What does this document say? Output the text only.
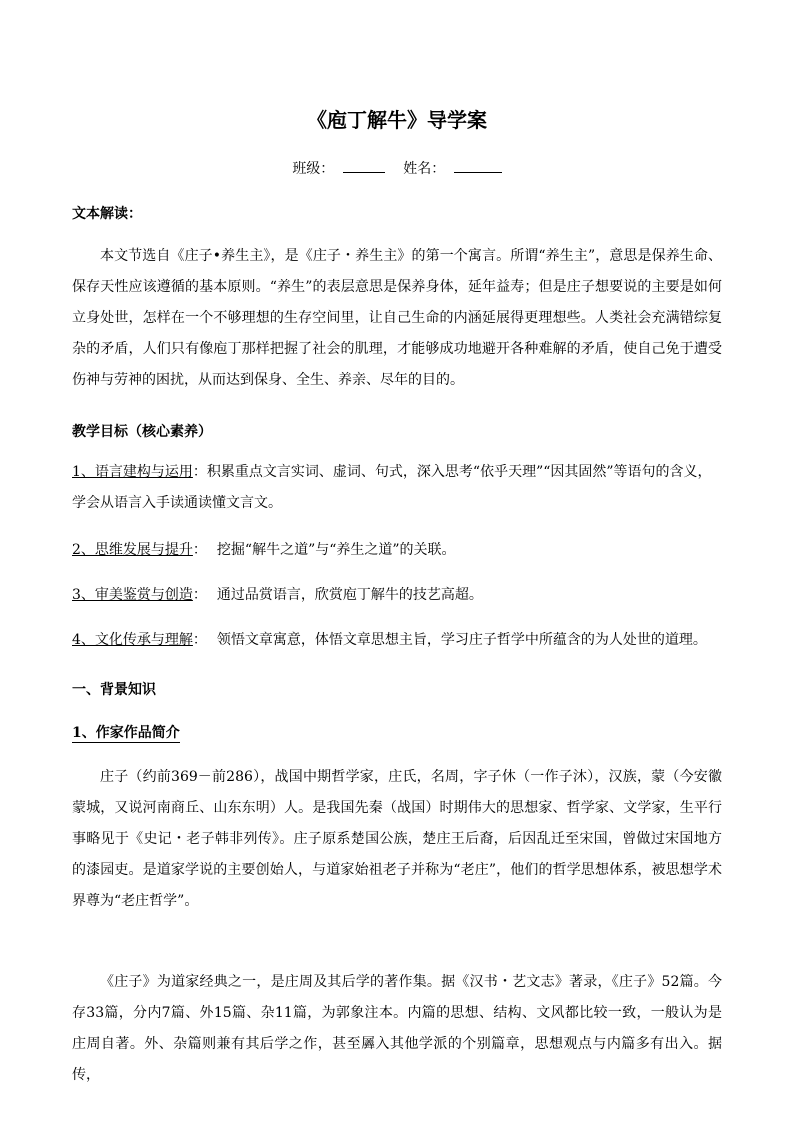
《庖丁解牛》导学案
班级：	姓名：
文本解读：

本文节选自《庄子•养生主》，是《庄子・养生主》的第一个寓言。所谓“养生主”，意思是保养生命、保存天性应该遵循的基本原则。“养生”的表层意思是保养身体，延年益寿；但是庄子想要说的主要是如何立身处世，怎样在一个不够理想的生存空间里，让自己生命的内涵延展得更理想些。人类社会充满错综复杂的矛盾，人们只有像庖丁那样把握了社会的肌理，才能够成功地避开各种难解的矛盾，使自己免于遭受伤神与劳神的困扰，从而达到保身、全生、养亲、尽年的目的。

教学目标（核心素养）

1、语言建构与运用：积累重点文言实词、虚词、句式，深入思考“依乎天理”“因其固然”等语句的含义，学会从语言入手读通读懂文言文。

2、思维发展与提升： 挖掘“解牛之道”与“养生之道”的关联。

3、审美鉴赏与创造： 通过品赏语言，欣赏庖丁解牛的技艺高超。

4、文化传承与理解： 领悟文章寓意，体悟文章思想主旨，学习庄子哲学中所蕴含的为人处世的道理。

一、背景知识
1、作家作品简介

庄子（约前369－前286），战国中期哲学家，庄氏，名周，字子休（一作子沐），汉族，蒙（今安徽蒙城，又说河南商丘、山东东明）人。是我国先秦（战国）时期伟大的思想家、哲学家、文学家，生平行事略见于《史记・老子韩非列传》。庄子原系楚国公族，楚庄王后裔，后因乱迁至宋国，曾做过宋国地方的漆园吏。是道家学说的主要创始人，与道家始祖老子并称为“老庄”，他们的哲学思想体系，被思想学术界尊为“老庄哲学”。

《庄子》为道家经典之一，是庄周及其后学的著作集。据《汉书・艺文志》著录，《庄子》52篇。今存33篇，分内7篇、外15篇、杂11篇，为郭象注本。内篇的思想、结构、文风都比较一致，一般认为是庄周自著。外、杂篇则兼有其后学之作，甚至羼入其他学派的个别篇章，思想观点与内篇多有出入。据传，
